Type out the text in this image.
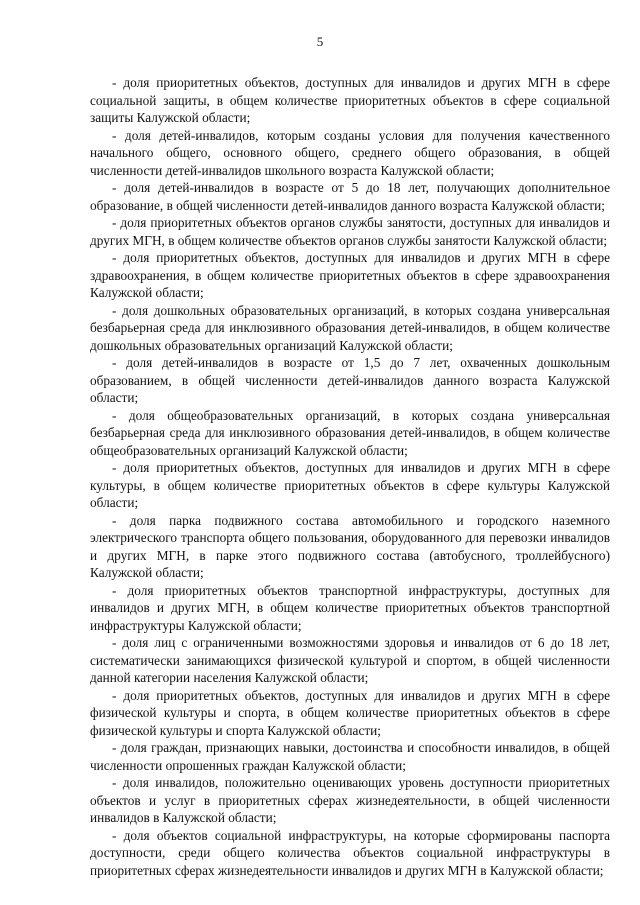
5

- доля приоритетных объектов, доступных для инвалидов и других МГН в сфере социальной защиты, в общем количестве приоритетных объектов в сфере социальной защиты Калужской области;

- доля детей-инвалидов, которым созданы условия для получения качественного начального общего, основного общего, среднего общего образования, в общей численности детей-инвалидов школьного возраста Калужской области;

- доля детей-инвалидов в возрасте от 5 до 18 лет, получающих дополнительное образование, в общей численности детей-инвалидов данного возраста Калужской области;

- доля приоритетных объектов органов службы занятости, доступных для инвалидов и других МГН, в общем количестве объектов органов службы занятости Калужской области;

- доля приоритетных объектов, доступных для инвалидов и других МГН в сфере здравоохранения, в общем количестве приоритетных объектов в сфере здравоохранения Калужской области;

- доля дошкольных образовательных организаций, в которых создана универсальная безбарьерная среда для инклюзивного образования детей-инвалидов, в общем количестве дошкольных образовательных организаций Калужской области;

- доля детей-инвалидов в возрасте от 1,5 до 7 лет, охваченных дошкольным образованием, в общей численности детей-инвалидов данного возраста Калужской области;

- доля общеобразовательных организаций, в которых создана универсальная безбарьерная среда для инклюзивного образования детей-инвалидов, в общем количестве общеобразовательных организаций Калужской области;

- доля приоритетных объектов, доступных для инвалидов и других МГН в сфере культуры, в общем количестве приоритетных объектов в сфере культуры Калужской области;

- доля парка подвижного состава автомобильного и городского наземного электрического транспорта общего пользования, оборудованного для перевозки инвалидов и других МГН, в парке этого подвижного состава (автобусного, троллейбусного) Калужской области;

- доля приоритетных объектов транспортной инфраструктуры, доступных для инвалидов и других МГН, в общем количестве приоритетных объектов транспортной инфраструктуры Калужской области;

- доля лиц с ограниченными возможностями здоровья и инвалидов от 6 до 18 лет, систематически занимающихся физической культурой и спортом, в общей численности данной категории населения Калужской области;

- доля приоритетных объектов, доступных для инвалидов и других МГН в сфере физической культуры и спорта, в общем количестве приоритетных объектов в сфере физической культуры и спорта Калужской области;

- доля граждан, признающих навыки, достоинства и способности инвалидов, в общей численности опрошенных граждан Калужской области;

- доля инвалидов, положительно оценивающих уровень доступности приоритетных объектов и услуг в приоритетных сферах жизнедеятельности, в общей численности инвалидов в Калужской области;

- доля объектов социальной инфраструктуры, на которые сформированы паспорта доступности, среди общего количества объектов социальной инфраструктуры в приоритетных сферах жизнедеятельности инвалидов и других МГН в Калужской области;
